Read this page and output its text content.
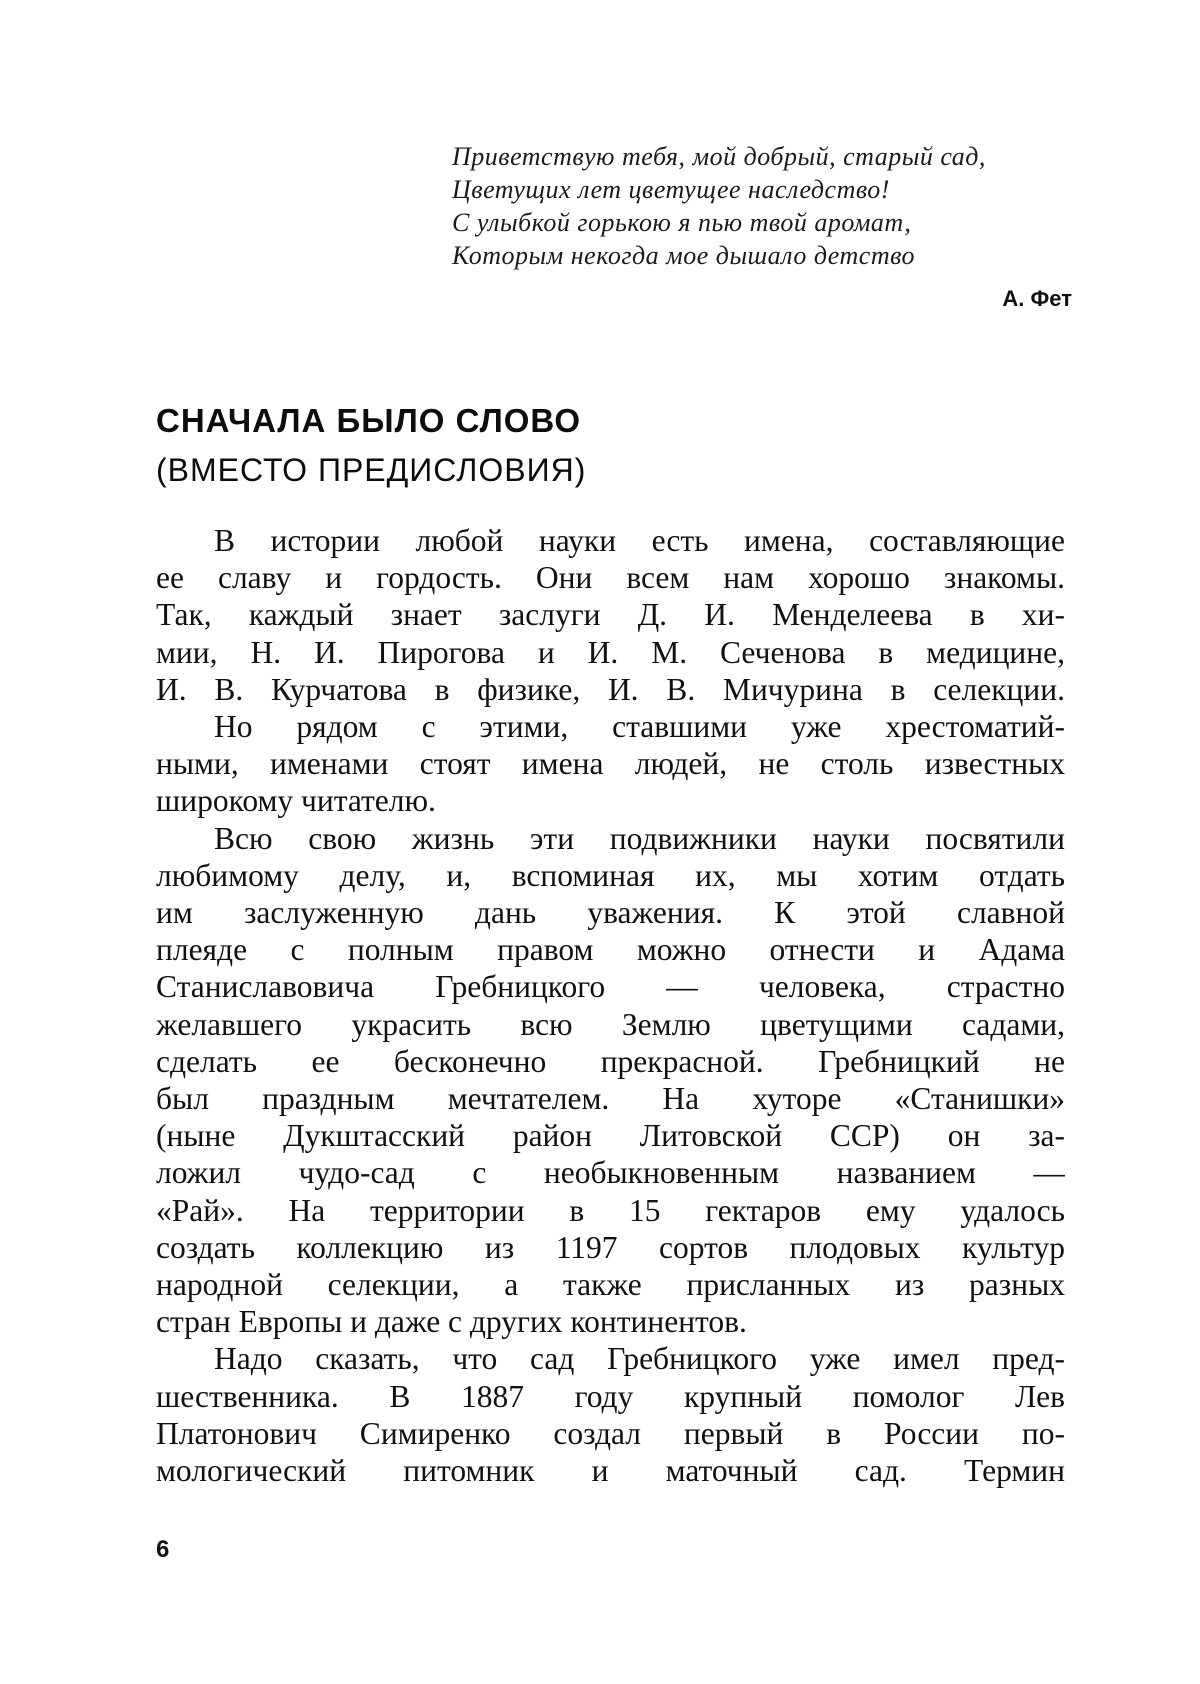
Приветствую тебя, мой добрый, старый сад,
Цветущих лет цветущее наследство!
С улыбкой горькою я пью твой аромат,
Которым некогда мое дышало детство
А. Фет
СНАЧАЛА БЫЛО СЛОВО
(ВМЕСТО ПРЕДИСЛОВИЯ)

В истории любой науки есть имена, составляющие
ее славу и гордость. Они всем нам хорошо знакомы.
Так, каждый знает заслуги Д. И. Менделеева в хи-
мии, Н. И. Пирогова и И. М. Сеченова в медицине,
И. В. Курчатова в физике, И. В. Мичурина в селекции.

Но рядом с этими, ставшими уже хрестоматий-
ными, именами стоят имена людей, не столь известных
широкому читателю.

Всю свою жизнь эти подвижники науки посвятили
любимому делу, и, вспоминая их, мы хотим отдать
им заслуженную дань уважения. К этой славной
плеяде с полным правом можно отнести и Адама
Станиславовича Гребницкого — человека, страстно
желавшего украсить всю Землю цветущими садами,
сделать ее бесконечно прекрасной. Гребницкий не
был праздным мечтателем. На хуторе «Станишки»
(ныне Дукштасский район Литовской ССР) он за-
ложил чудо-сад с необыкновенным названием —
«Рай». На территории в 15 гектаров ему удалось
создать коллекцию из 1197 сортов плодовых культур
народной селекции, а также присланных из разных
стран Европы и даже с других континентов.

Надо сказать, что сад Гребницкого уже имел пред-
шественника. В 1887 году крупный помолог Лев
Платонович Симиренко создал первый в России по-
мологический питомник и маточный сад. Термин

6
